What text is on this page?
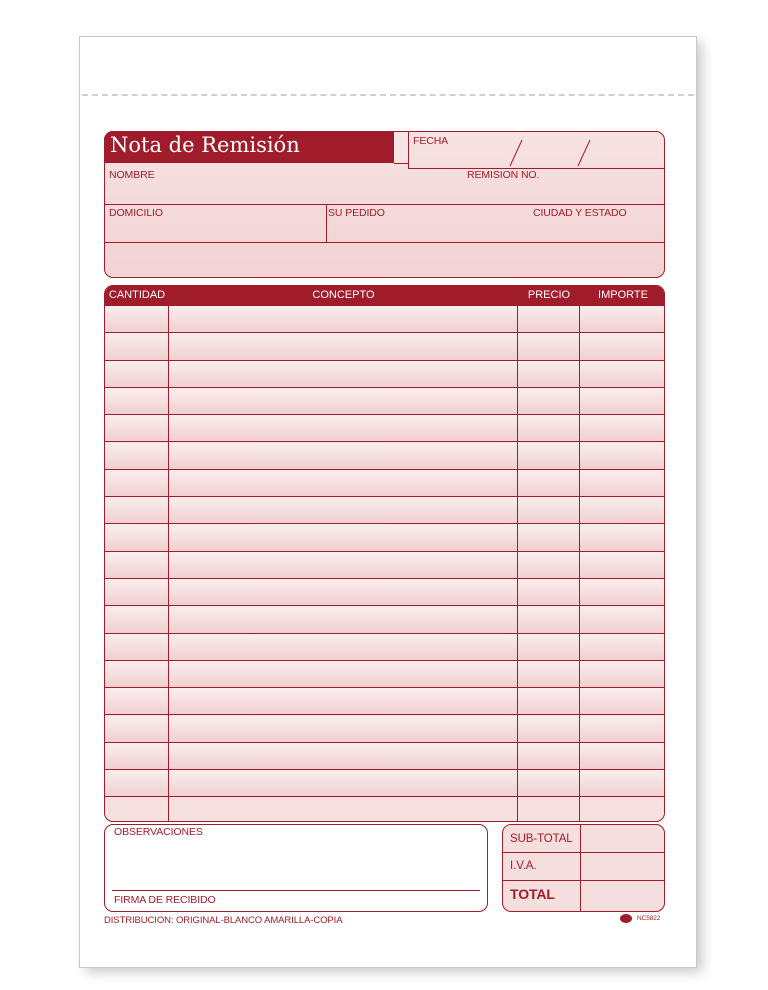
Nota de Remisión	FECHA
NOMBRE	REMISION NO.
DOMICILIO	SU PEDIDO	CIUDAD Y ESTADO
CANTIDAD	CONCEPTO	PRECIO	IMPORTE
OBSERVACIONES
FIRMA DE RECIBIDO
SUB-TOTAL
I.V.A.
TOTAL
DISTRIBUCION: ORIGINAL-BLANCO AMARILLA-COPIA	NC5822
